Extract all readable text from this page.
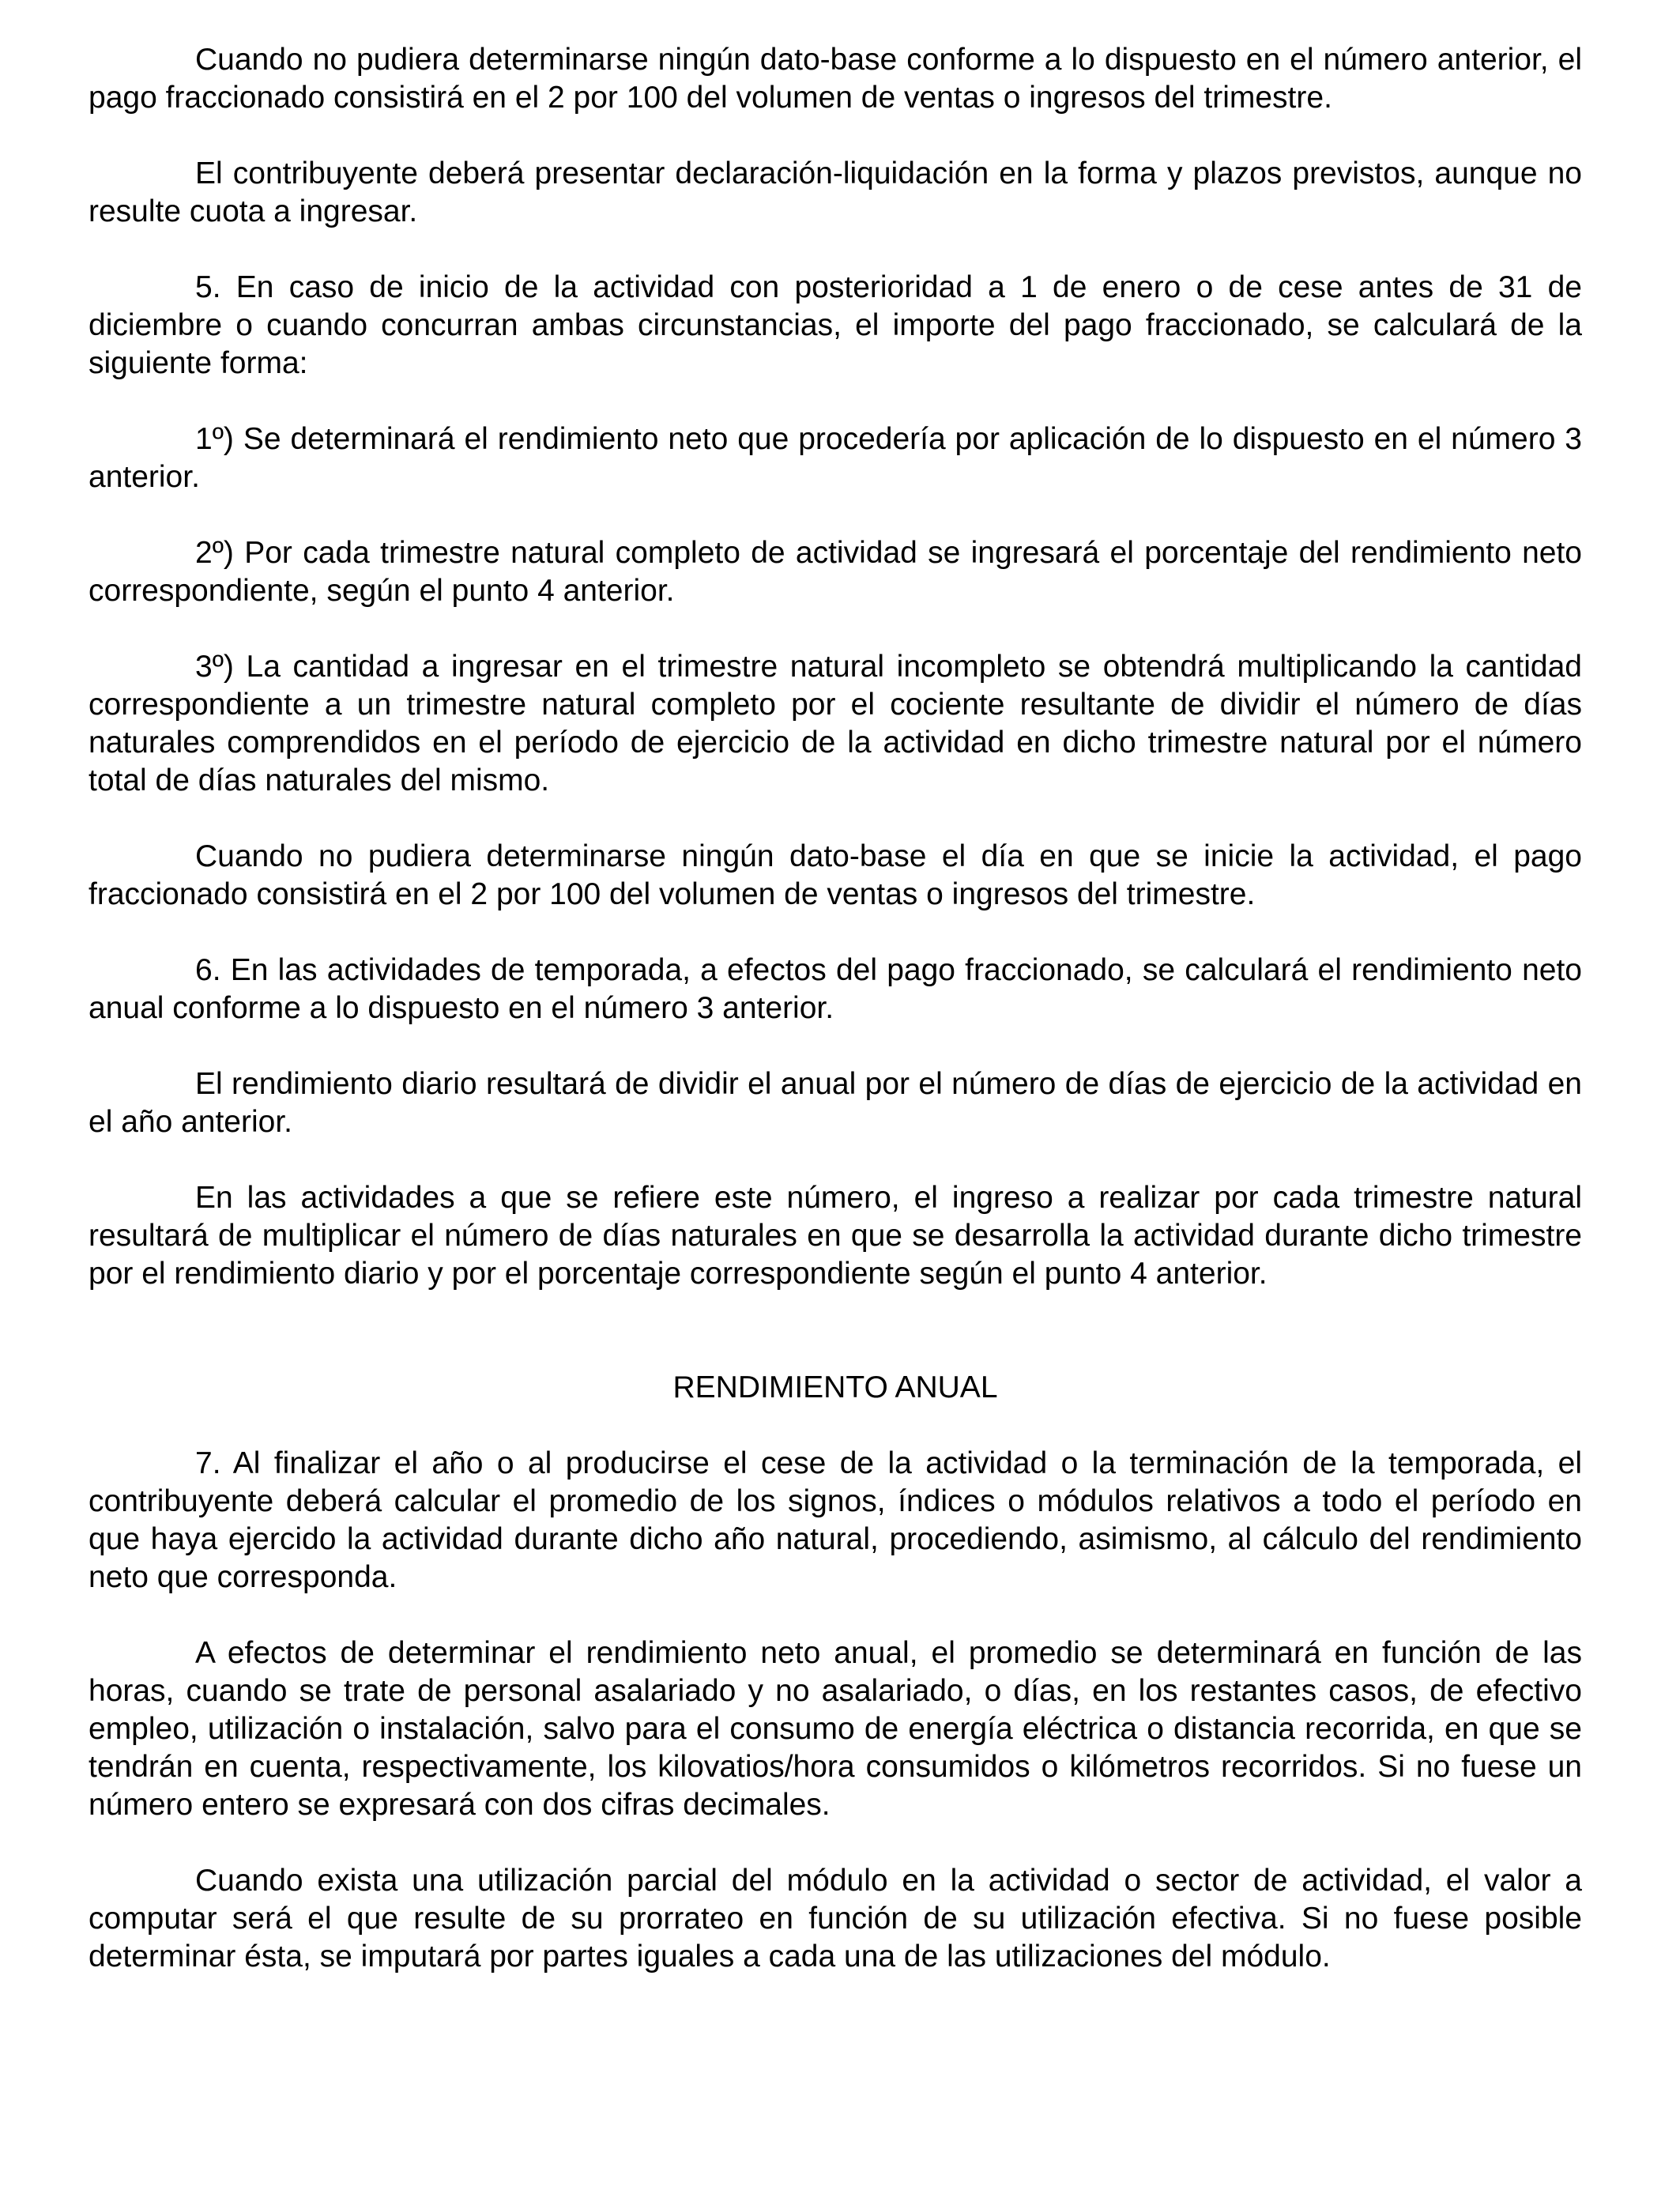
Cuando no pudiera determinarse ningún dato-base conforme a lo dispuesto en el número anterior, el pago fraccionado consistirá en el 2 por 100 del volumen de ventas o ingresos del trimestre.

El contribuyente deberá presentar declaración-liquidación en la forma y plazos previstos, aunque no resulte cuota a ingresar.

5. En caso de inicio de la actividad con posterioridad a 1 de enero o de cese antes de 31 de diciembre o cuando concurran ambas circunstancias, el importe del pago fraccionado, se calculará de la siguiente forma:

1º) Se determinará el rendimiento neto que procedería por aplicación de lo dispuesto en el número 3 anterior.

2º) Por cada trimestre natural completo de actividad se ingresará el porcentaje del rendimiento neto correspondiente, según el punto 4 anterior.

3º) La cantidad a ingresar en el trimestre natural incompleto se obtendrá multiplicando la cantidad correspondiente a un trimestre natural completo por el cociente resultante de dividir el número de días naturales comprendidos en el período de ejercicio de la actividad en dicho trimestre natural por el número total de días naturales del mismo.

Cuando no pudiera determinarse ningún dato-base el día en que se inicie la actividad, el pago fraccionado consistirá en el 2 por 100 del volumen de ventas o ingresos del trimestre.

6. En las actividades de temporada, a efectos del pago fraccionado, se calculará el rendimiento neto anual conforme a lo dispuesto en el número 3 anterior.

El rendimiento diario resultará de dividir el anual por el número de días de ejercicio de la actividad en el año anterior.

En las actividades a que se refiere este número, el ingreso a realizar por cada trimestre natural resultará de multiplicar el número de días naturales en que se desarrolla la actividad durante dicho trimestre por el rendimiento diario y por el porcentaje correspondiente según el punto 4 anterior.

RENDIMIENTO ANUAL

7. Al finalizar el año o al producirse el cese de la actividad o la terminación de la temporada, el contribuyente deberá calcular el promedio de los signos, índices o módulos relativos a todo el período en que haya ejercido la actividad durante dicho año natural, procediendo, asimismo, al cálculo del rendimiento neto que corresponda.

A efectos de determinar el rendimiento neto anual, el promedio se determinará en función de las horas, cuando se trate de personal asalariado y no asalariado, o días, en los restantes casos, de efectivo empleo, utilización o instalación, salvo para el consumo de energía eléctrica o distancia recorrida, en que se tendrán en cuenta, respectivamente, los kilovatios/hora consumidos o kilómetros recorridos. Si no fuese un número entero se expresará con dos cifras decimales.

Cuando exista una utilización parcial del módulo en la actividad o sector de actividad, el valor a computar será el que resulte de su prorrateo en función de su utilización efectiva. Si no fuese posible determinar ésta, se imputará por partes iguales a cada una de las utilizaciones del módulo.
